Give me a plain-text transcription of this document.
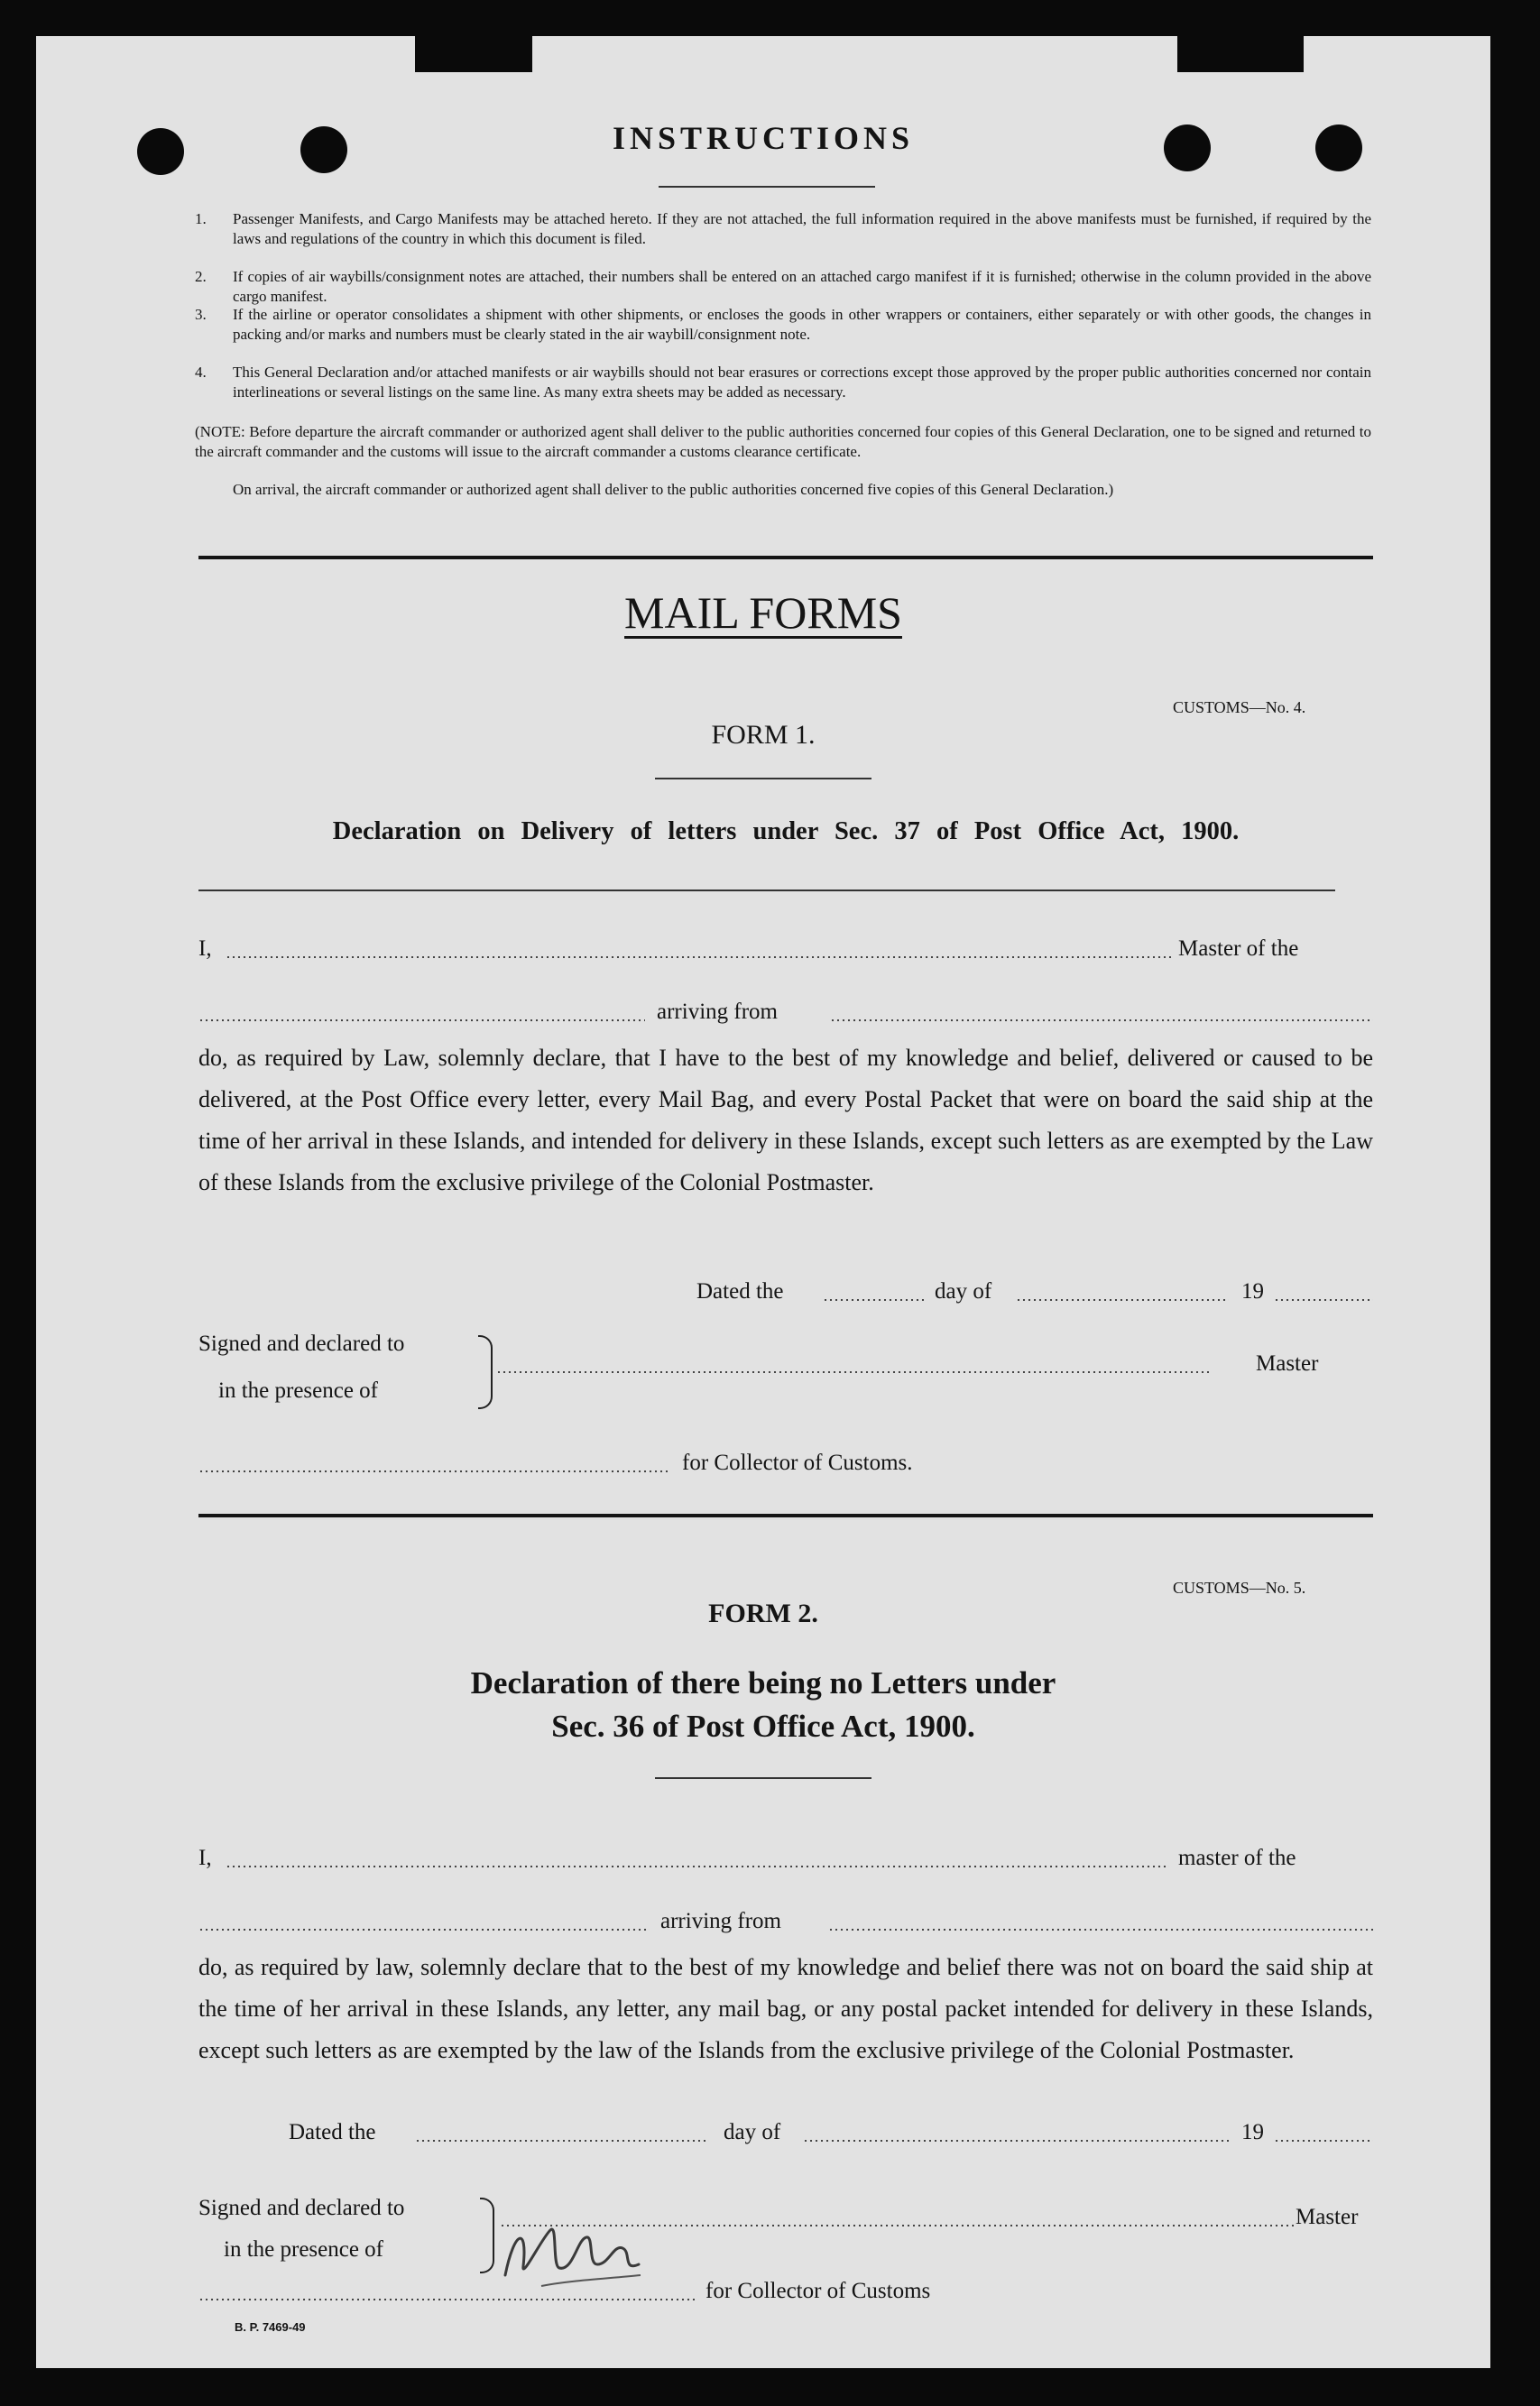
INSTRUCTIONS
1. Passenger Manifests, and Cargo Manifests may be attached hereto. If they are not attached, the full information required in the above manifests must be furnished, if required by the laws and regulations of the country in which this document is filed.
2. If copies of air waybills/consignment notes are attached, their numbers shall be entered on an attached cargo manifest if it is furnished; otherwise in the column provided in the above cargo manifest.
3. If the airline or operator consolidates a shipment with other shipments, or encloses the goods in other wrappers or containers, either separately or with other goods, the changes in packing and/or marks and numbers must be clearly stated in the air waybill/consignment note.
4. This General Declaration and/or attached manifests or air waybills should not bear erasures or corrections except those approved by the proper public authorities concerned nor contain interlineations or several listings on the same line. As many extra sheets may be added as necessary.
(NOTE: Before departure the aircraft commander or authorized agent shall deliver to the public authorities concerned four copies of this General Declaration, one to be signed and returned to the aircraft commander and the customs will issue to the aircraft commander a customs clearance certificate.
On arrival, the aircraft commander or authorized agent shall deliver to the public authorities concerned five copies of this General Declaration.)
MAIL FORMS
CUSTOMS—No. 4.
FORM 1.
Declaration on Delivery of letters under Sec. 37 of Post Office Act, 1900.
I,	Master of the
arriving from
do, as required by Law, solemnly declare, that I have to the best of my knowledge and belief, delivered or caused to be delivered, at the Post Office every letter, every Mail Bag, and every Postal Packet that were on board the said ship at the time of her arrival in these Islands, and intended for delivery in these Islands, except such letters as are exempted by the Law of these Islands from the exclusive privilege of the Colonial Postmaster.
Dated the	day of	19
Signed and declared to
in the presence of
Master
for Collector of Customs.
CUSTOMS—No. 5.
FORM 2.
Declaration of there being no Letters under
Sec. 36 of Post Office Act, 1900.
I,	master of the
arriving from
do, as required by law, solemnly declare that to the best of my knowledge and belief there was not on board the said ship at the time of her arrival in these Islands, any letter, any mail bag, or any postal packet intended for delivery in these Islands, except such letters as are exempted by the law of the Islands from the exclusive privilege of the Colonial Postmaster.
Dated the	day of	19
Signed and declared to
in the presence of
Master
for Collector of Customs
B. P. 7469-49
